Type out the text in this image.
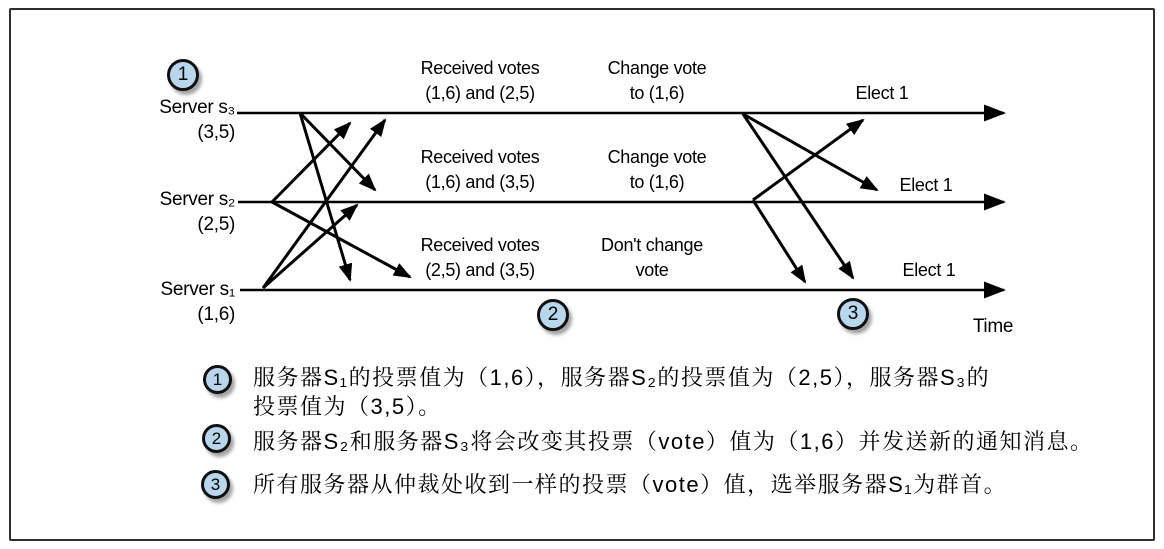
Server s₃
(3,5)
Server s₂
(2,5)
Server s₁
(1,6)
Received votes
(1,6) and (2,5)
Received votes
(1,6) and (3,5)
Received votes
(2,5) and (3,5)
Change vote
to (1,6)
Change vote
to (1,6)
Don't change
vote
Elect 1
Elect 1
Elect 1
Time
1
2	3
1	服务器S₁的投票值为（1,6），服务器S₂的投票值为（2,5），服务器S₃的
投票值为（3,5）。
2	服务器S₂和服务器S₃将会改变其投票（vote）值为（1,6）并发送新的通知消息。
3	所有服务器从仲裁处收到一样的投票（vote）值，选举服务器S₁为群首。
